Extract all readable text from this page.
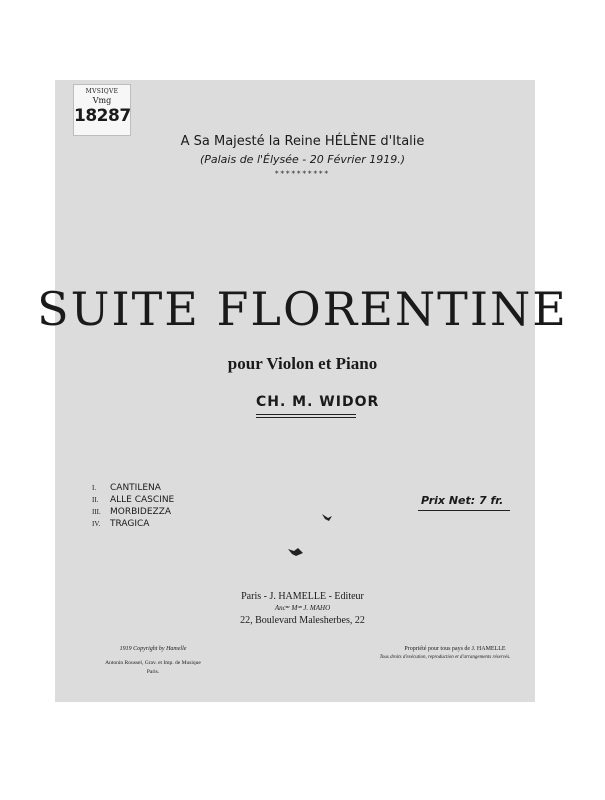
MVSIQVE
Vmg
18287
A Sa Majesté la Reine HÉLÈNE d'Italie
(Palais de l'Élysée - 20 Février 1919.)
**********
SUITE FLORENTINE
pour Violon et Piano
CH. M. WIDOR
I. CANTILENA
II. ALLE CASCINE
III. MORBIDEZZA
IV. TRAGICA
Prix Net: 7 fr.
Paris - J. HAMELLE - Editeur
Ancⁿᵉ Mᵒⁿ J. MAHO
22, Boulevard Malesherbes, 22
1919 Copyright by Hamelle
Antonin Roussel, Grav. et Imp. de Musique
Paris.
Propriété pour tous pays de J. HAMELLE
Tous droits d'exécution, reproduction et d'arrangements réservés.
